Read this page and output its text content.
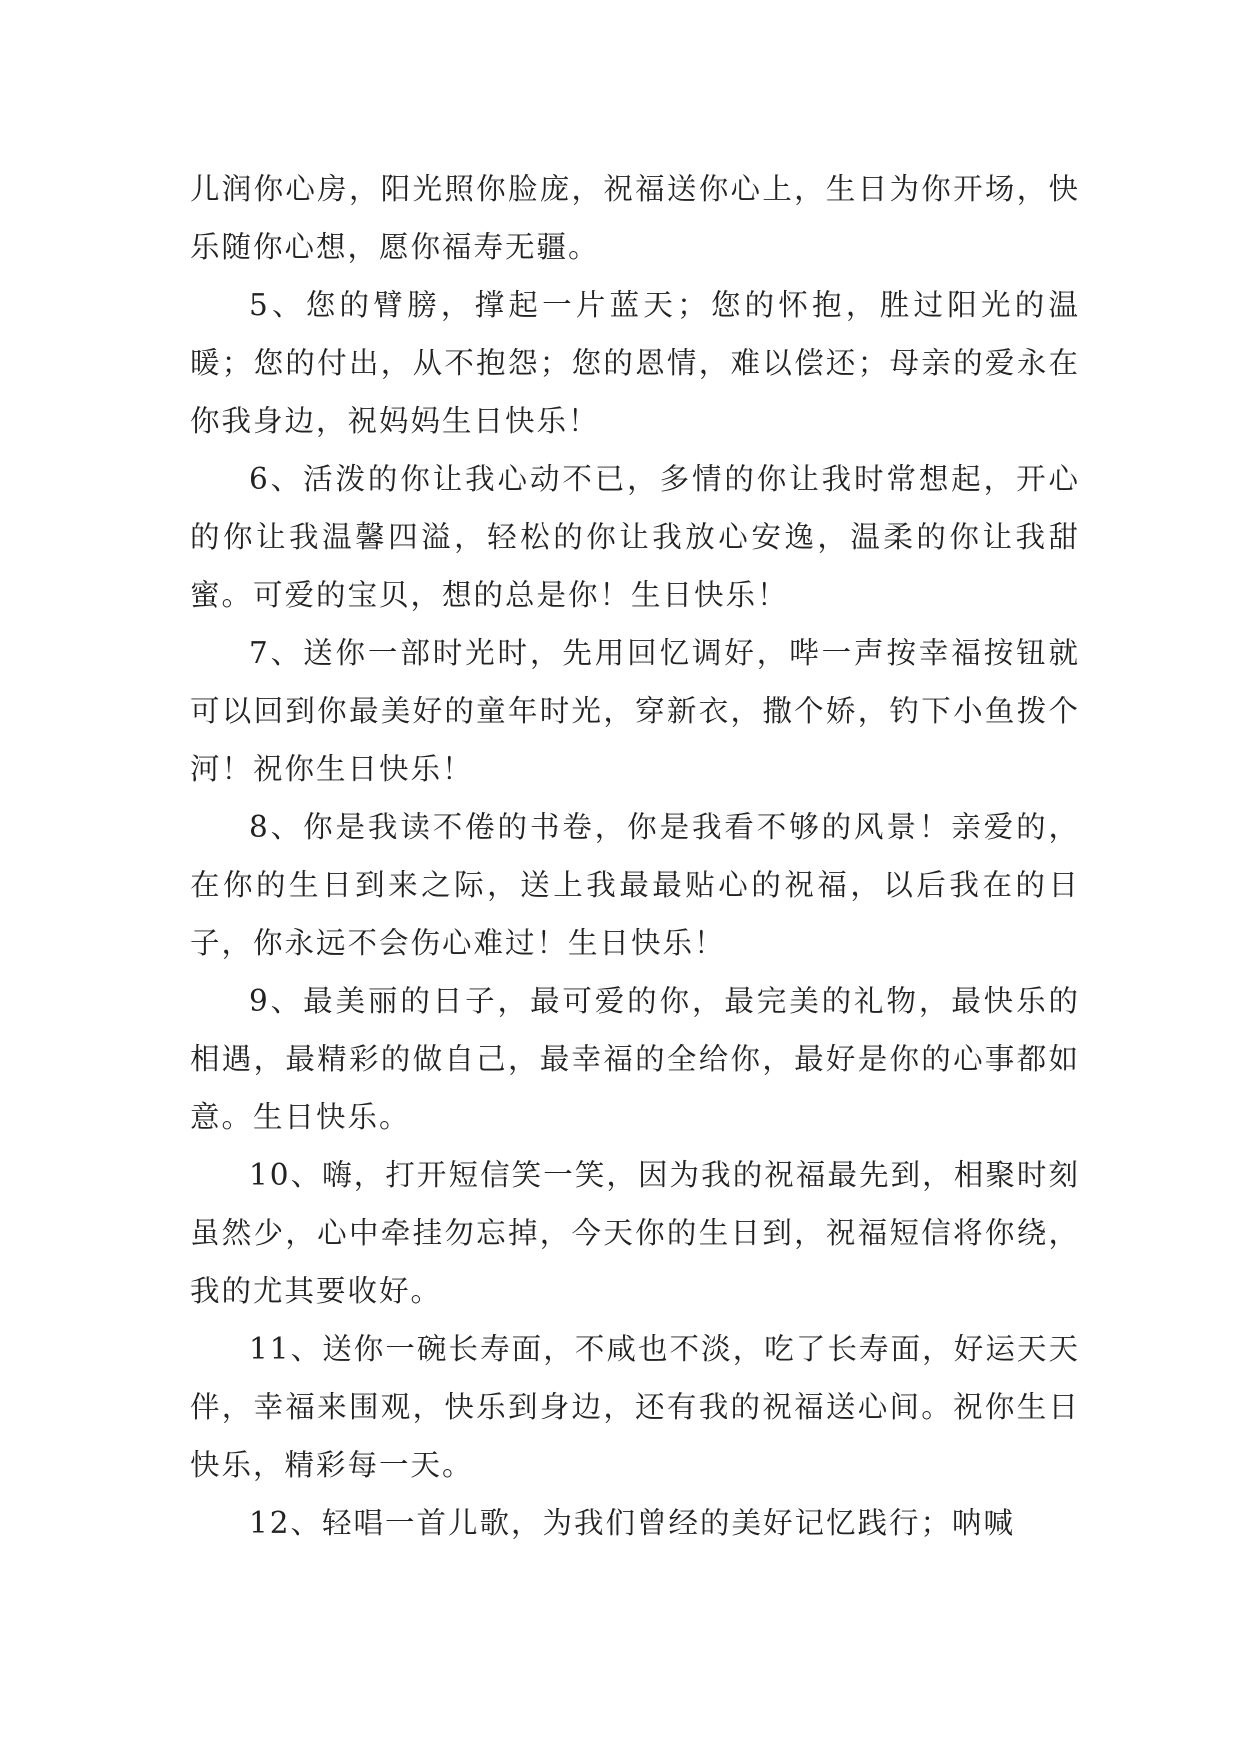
儿润你心房，阳光照你脸庞，祝福送你心上，生日为你开场，快乐随你心想，愿你福寿无疆。

5、您的臂膀，撑起一片蓝天；您的怀抱，胜过阳光的温暖；您的付出，从不抱怨；您的恩情，难以偿还；母亲的爱永在你我身边，祝妈妈生日快乐！

6、活泼的你让我心动不已，多情的你让我时常想起，开心的你让我温馨四溢，轻松的你让我放心安逸，温柔的你让我甜蜜。可爱的宝贝，想的总是你！生日快乐！

7、送你一部时光时，先用回忆调好，哔一声按幸福按钮就可以回到你最美好的童年时光，穿新衣，撒个娇，钓下小鱼拨个河！祝你生日快乐！

8、你是我读不倦的书卷，你是我看不够的风景！亲爱的，在你的生日到来之际，送上我最最贴心的祝福，以后我在的日子，你永远不会伤心难过！生日快乐！

9、最美丽的日子，最可爱的你，最完美的礼物，最快乐的相遇，最精彩的做自己，最幸福的全给你，最好是你的心事都如意。生日快乐。

10、嗨，打开短信笑一笑，因为我的祝福最先到，相聚时刻虽然少，心中牵挂勿忘掉，今天你的生日到，祝福短信将你绕，我的尤其要收好。

11、送你一碗长寿面，不咸也不淡，吃了长寿面，好运天天伴，幸福来围观，快乐到身边，还有我的祝福送心间。祝你生日快乐，精彩每一天。

12、轻唱一首儿歌，为我们曾经的美好记忆践行；呐喊
